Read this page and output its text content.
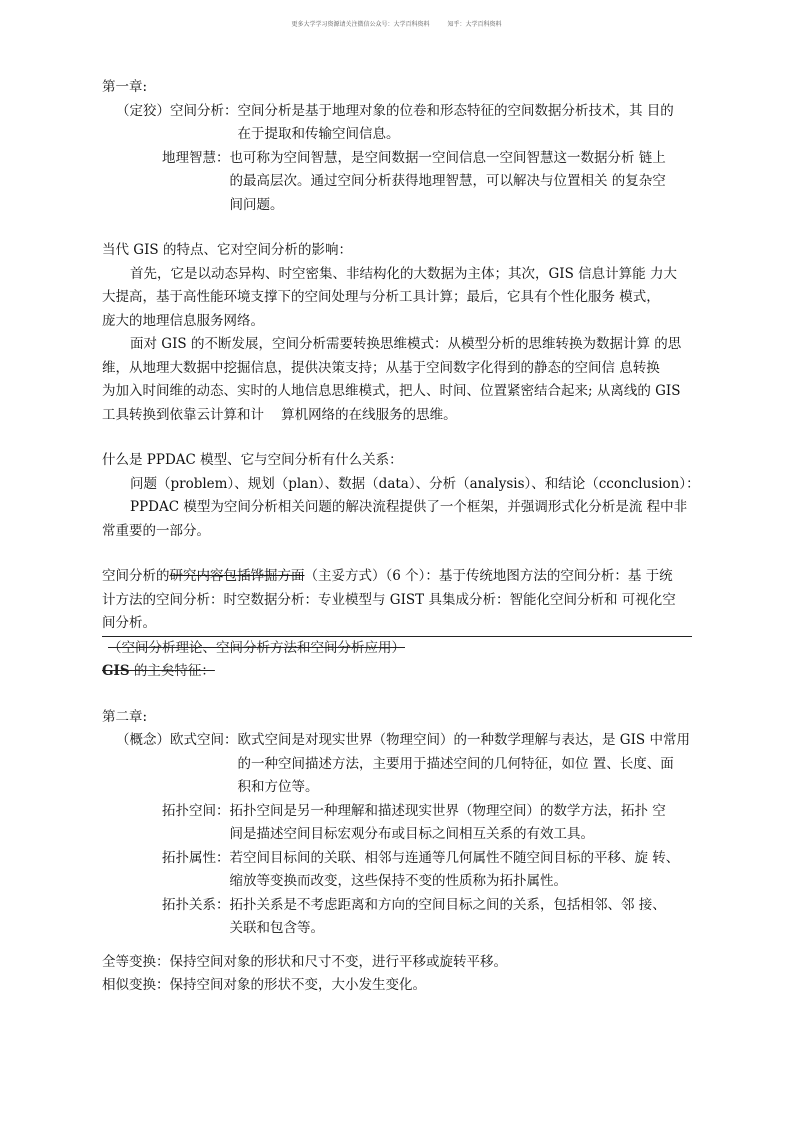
更多大学学习资源请关注微信公众号：大学百科资料	知乎：大学百科资料
第一章:
（定狡）空间分析： 空间分析是基于地理对象的位卷和形态特征的空间数据分析技术，其 目的
在于提取和传输空间信息。
地理智慧： 也可称为空间智慧，是空间数据一空间信息一空间智慧这一数据分析 链上
的最高层次。通过空间分析获得地理智慧，可以解决与位置相关 的复杂空
间问题。
当代 GIS 的特点、它对空间分析的影响：
首先，它是以动态异构、时空密集、非结构化的大数据为主体；其次，GIS 信息计算能 力大
大提高，基于高性能环境支撑下的空间处理与分析工具计算；最后，它具有个性化服务 模式，
庞大的地理信息服务网络。
面对 GIS 的不断发展，空间分析需要转换思维模式：从模型分析的思维转换为数据计算 的思
维，从地理大数据中挖掘信息，提供决策支持；从基于空间数字化得到的静态的空间信 息转换
为加入时间维的动态、实时的人地信息思维模式，把人、时间、位置紧密结合起来; 从离线的 GIS
工具转换到依靠云计算和计    算机网络的在线服务的思维。
什么是 PPDAC 模型、它与空间分析有什么关系：
问题（problem）、规划（plan）、数据（data）、分析（analysis）、和结论（cconclusion）：
PPDAC 模型为空间分析相关问题的解决流程提供了一个框架，并强调形式化分析是流 程中非
常重要的一部分。
空间分析的研究内容包插铧掘方面（主妥方式）（6 个）：基于传统地图方法的空间分析：基 于统
计方法的空间分析：时空数据分析：专业模型与 GIST 具集成分析：智能化空间分析和 可视化空
间分析。
（空间分析理论、空间分析方法和空间分析应用）
GIS 的主矣特征：
第二章:
（概念）欧式空间： 欧式空间是对现实世界（物理空间）的一种数学理解与表达，是 GIS 中常用
的一种空间描述方法，主要用于描述空间的几何特征，如位 置、长度、面
积和方位等。
拓扑空间： 拓扑空间是另一种理解和描述现实世界（物理空间）的数学方法，拓扑 空
间是描述空间目标宏观分布或目标之间相互关系的有效工具。
拓扑属性： 若空间目标间的关联、相邻与连通等几何属性不随空间目标的平移、旋 转、
缩放等变换而改变，这些保持不变的性质称为拓扑属性。
拓扑关系： 拓扑关系是不考虑距离和方向的空间目标之间的关系，包括相邻、邻 接、
关联和包含等。
全等变换：保持空间对象的形状和尺寸不变，进行平移或旋转平移。
相似变换：保持空间对象的形状不变，大小发生变化。
